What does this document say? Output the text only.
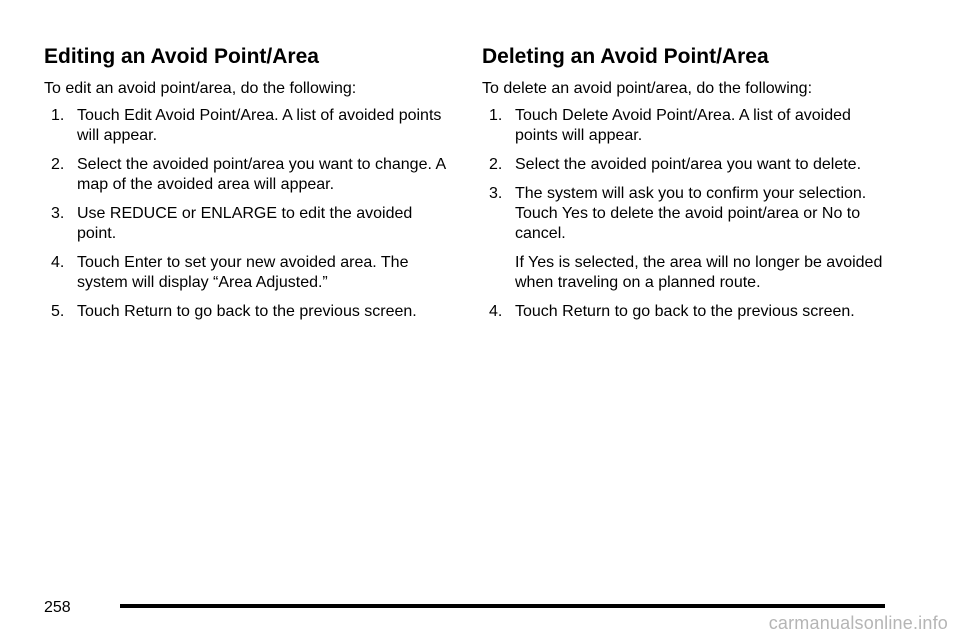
Editing an Avoid Point/Area

To edit an avoid point/area, do the following:

1. Touch Edit Avoid Point/Area. A list of avoided points will appear.
2. Select the avoided point/area you want to change. A map of the avoided area will appear.
3. Use REDUCE or ENLARGE to edit the avoided point.
4. Touch Enter to set your new avoided area. The system will display “Area Adjusted.”
5. Touch Return to go back to the previous screen.
Deleting an Avoid Point/Area

To delete an avoid point/area, do the following:

1. Touch Delete Avoid Point/Area. A list of avoided points will appear.
2. Select the avoided point/area you want to delete.
3. The system will ask you to confirm your selection. Touch Yes to delete the avoid point/area or No to cancel.
If Yes is selected, the area will no longer be avoided when traveling on a planned route.
4. Touch Return to go back to the previous screen.
258
carmanualsonline.info
